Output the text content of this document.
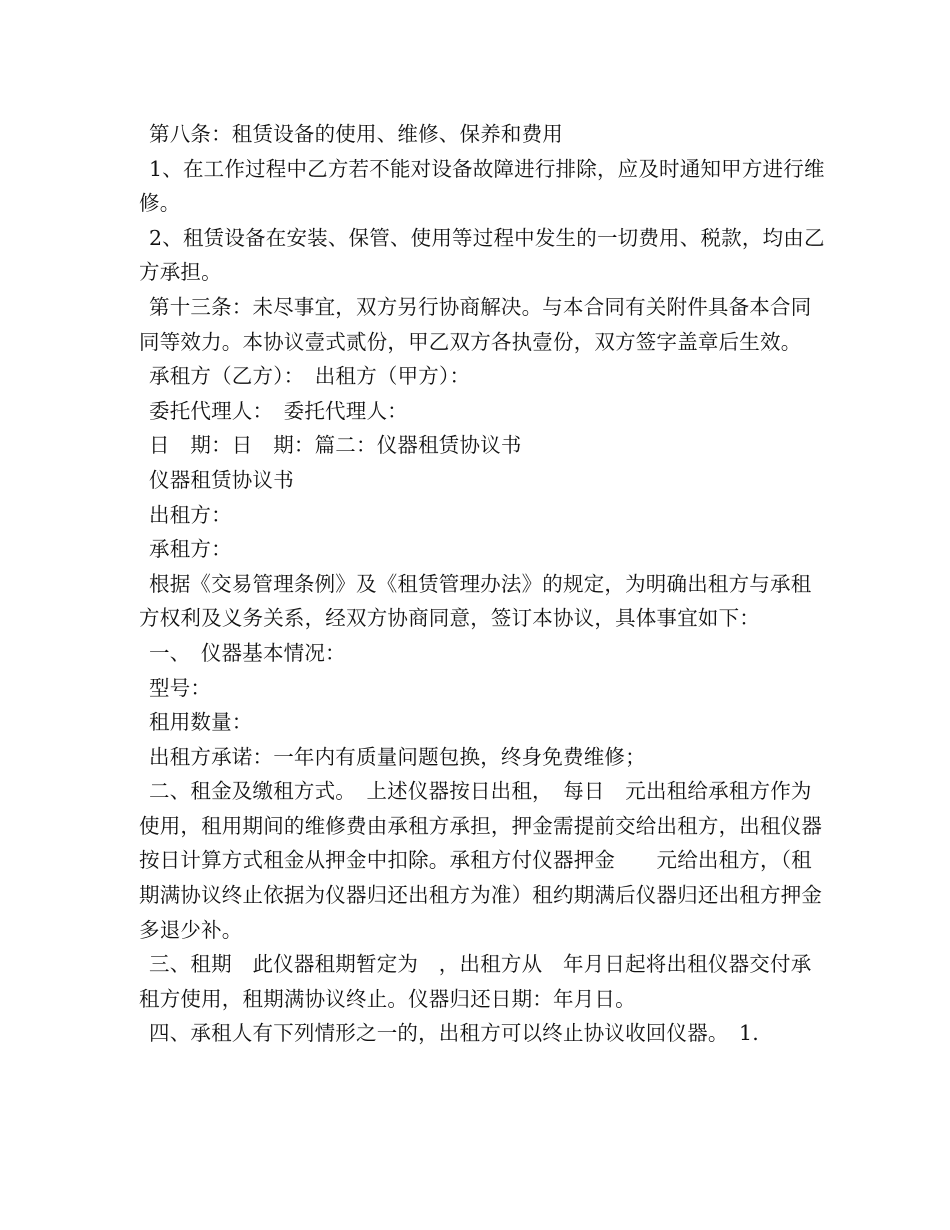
第八条：租赁设备的使用、维修、保养和费用

1、在工作过程中乙方若不能对设备故障进行排除，应及时通知甲方进行维修。

2、租赁设备在安装、保管、使用等过程中发生的一切费用、税款，均由乙方承担。

第十三条：未尽事宜，双方另行协商解决。与本合同有关附件具备本合同同等效力。本协议壹式贰份，甲乙双方各执壹份，双方签字盖章后生效。

承租方（乙方）：　出租方（甲方）：

委托代理人：　委托代理人：

日　期：日　期：篇二：仪器租赁协议书

仪器租赁协议书

出租方：

承租方：

根据《交易管理条例》及《租赁管理办法》的规定，为明确出租方与承租方权利及义务关系，经双方协商同意，签订本协议，具体事宜如下：

一、　仪器基本情况：

型号：

租用数量：

出租方承诺：一年内有质量问题包换，终身免费维修；

二、租金及缴租方式。　上述仪器按日出租，　每日　元出租给承租方作为使用，租用期间的维修费由承租方承担，押金需提前交给出租方，出租仪器按日计算方式租金从押金中扣除。承租方付仪器押金　　元给出租方，（租期满协议终止依据为仪器归还出租方为准）租约期满后仪器归还出租方押金多退少补。

三、租期　此仪器租期暂定为　，出租方从　年月日起将出租仪器交付承租方使用，租期满协议终止。仪器归还日期：年月日。

四、承租人有下列情形之一的，出租方可以终止协议收回仪器。　1.
